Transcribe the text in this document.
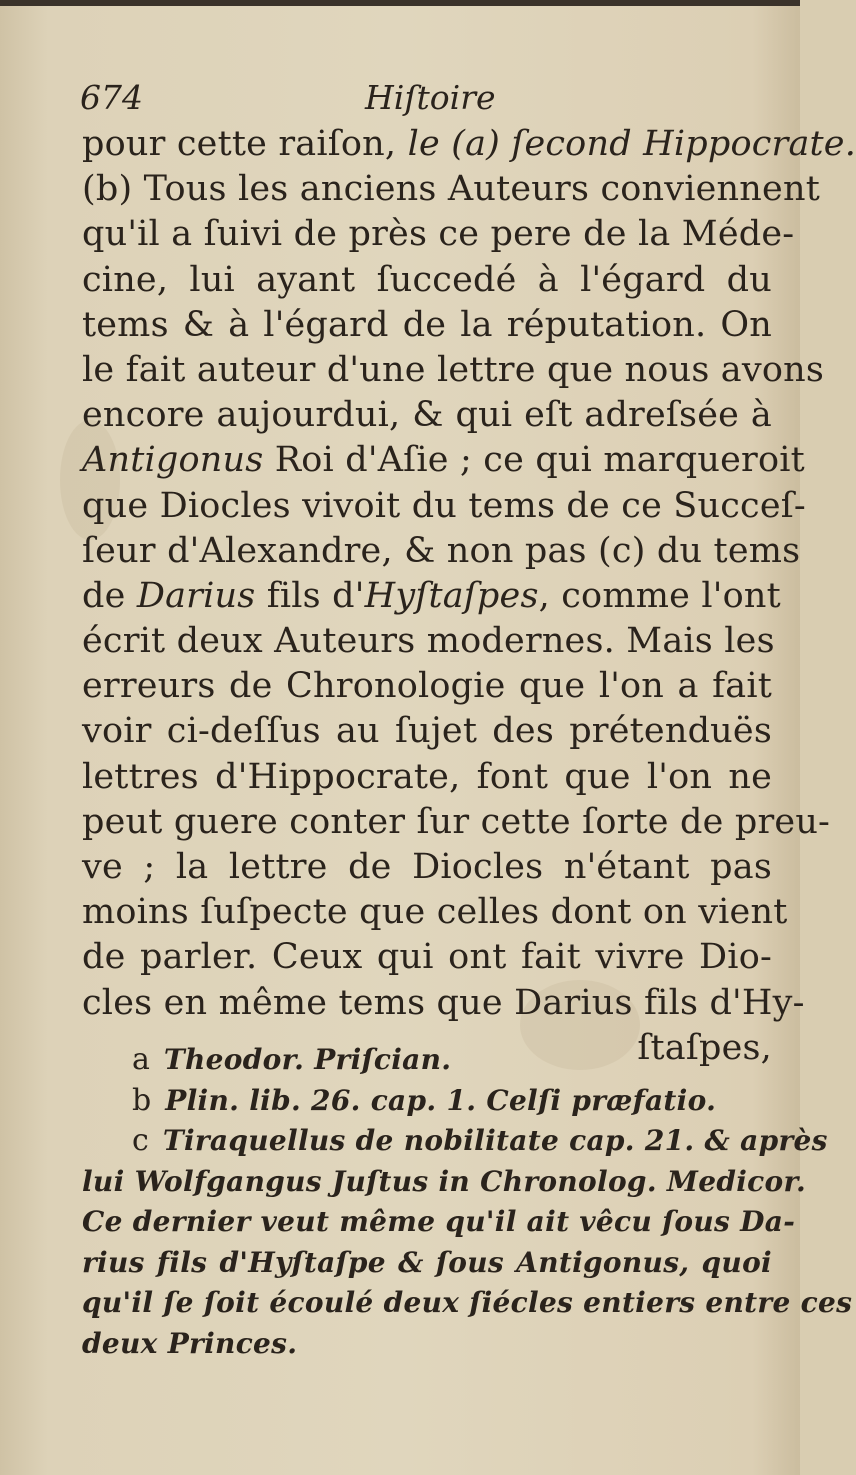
674	Hiſtoire
pour cette raiſon, le (a) ſecond Hippocrate.
(b) Tous les anciens Auteurs conviennent
qu'il a ſuivi de près ce pere de la Méde-
cine, lui ayant ſuccedé à l'égard du
tems & à l'égard de la réputation. On
le fait auteur d'une lettre que nous avons
encore aujourdui, & qui eſt adreſsée à
Antigonus Roi d'Aſie ; ce qui marqueroit
que Diocles vivoit du tems de ce Succeſ-
ſeur d'Alexandre, & non pas (c) du tems
de Darius fils d'Hyſtaſpes, comme l'ont
écrit deux Auteurs modernes. Mais les
erreurs de Chronologie que l'on a fait
voir ci-deſſus au ſujet des prétenduës
lettres d'Hippocrate, font que l'on ne
peut guere conter ſur cette ſorte de preu-
ve ; la lettre de Diocles n'étant pas
moins ſuſpecte que celles dont on vient
de parler. Ceux qui ont fait vivre Dio-
cles en même tems que Darius fils d'Hy-
ſtaſpes,
a Theodor. Priſcian.
b Plin. lib. 26. cap. 1. Celſi præfatio.
c Tiraquellus de nobilitate cap. 21. & après
lui Wolfgangus Juſtus in Chronolog. Medicor.
Ce dernier veut même qu'il ait vêcu ſous Da-
rius fils d'Hyſtaſpe & ſous Antigonus, quoi
qu'il ſe ſoit écoulé deux ſiécles entiers entre ces
deux Princes.
